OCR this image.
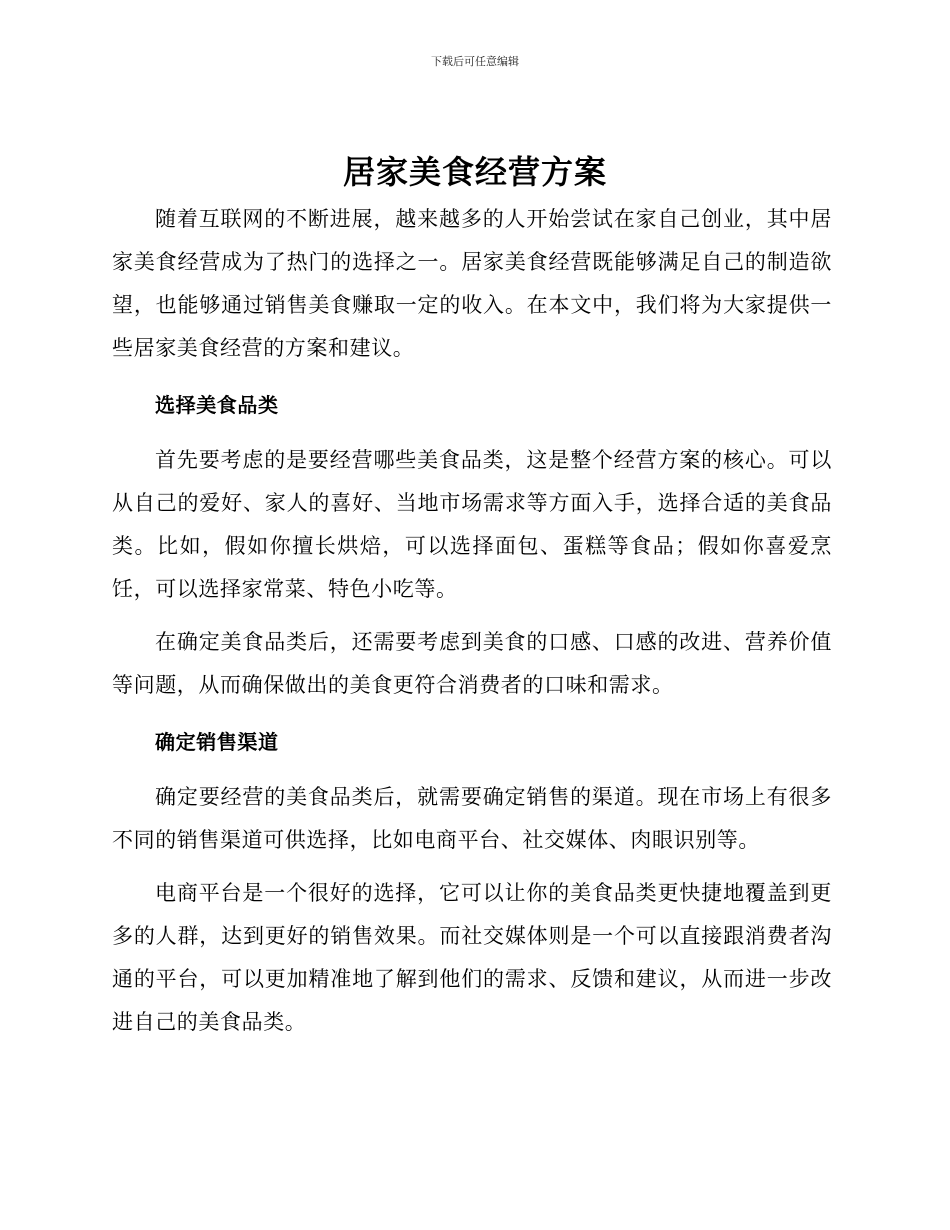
下载后可任意编辑
居家美食经营方案

随着互联网的不断进展，越来越多的人开始尝试在家自己创业，其中居家美食经营成为了热门的选择之一。居家美食经营既能够满足自己的制造欲望，也能够通过销售美食赚取一定的收入。在本文中，我们将为大家提供一些居家美食经营的方案和建议。

选择美食品类

首先要考虑的是要经营哪些美食品类，这是整个经营方案的核心。可以从自己的爱好、家人的喜好、当地市场需求等方面入手，选择合适的美食品类。比如，假如你擅长烘焙，可以选择面包、蛋糕等食品；假如你喜爱烹饪，可以选择家常菜、特色小吃等。

在确定美食品类后，还需要考虑到美食的口感、口感的改进、营养价值等问题，从而确保做出的美食更符合消费者的口味和需求。

确定销售渠道

确定要经营的美食品类后，就需要确定销售的渠道。现在市场上有很多不同的销售渠道可供选择，比如电商平台、社交媒体、肉眼识别等。

电商平台是一个很好的选择，它可以让你的美食品类更快捷地覆盖到更多的人群，达到更好的销售效果。而社交媒体则是一个可以直接跟消费者沟通的平台，可以更加精准地了解到他们的需求、反馈和建议，从而进一步改进自己的美食品类。
